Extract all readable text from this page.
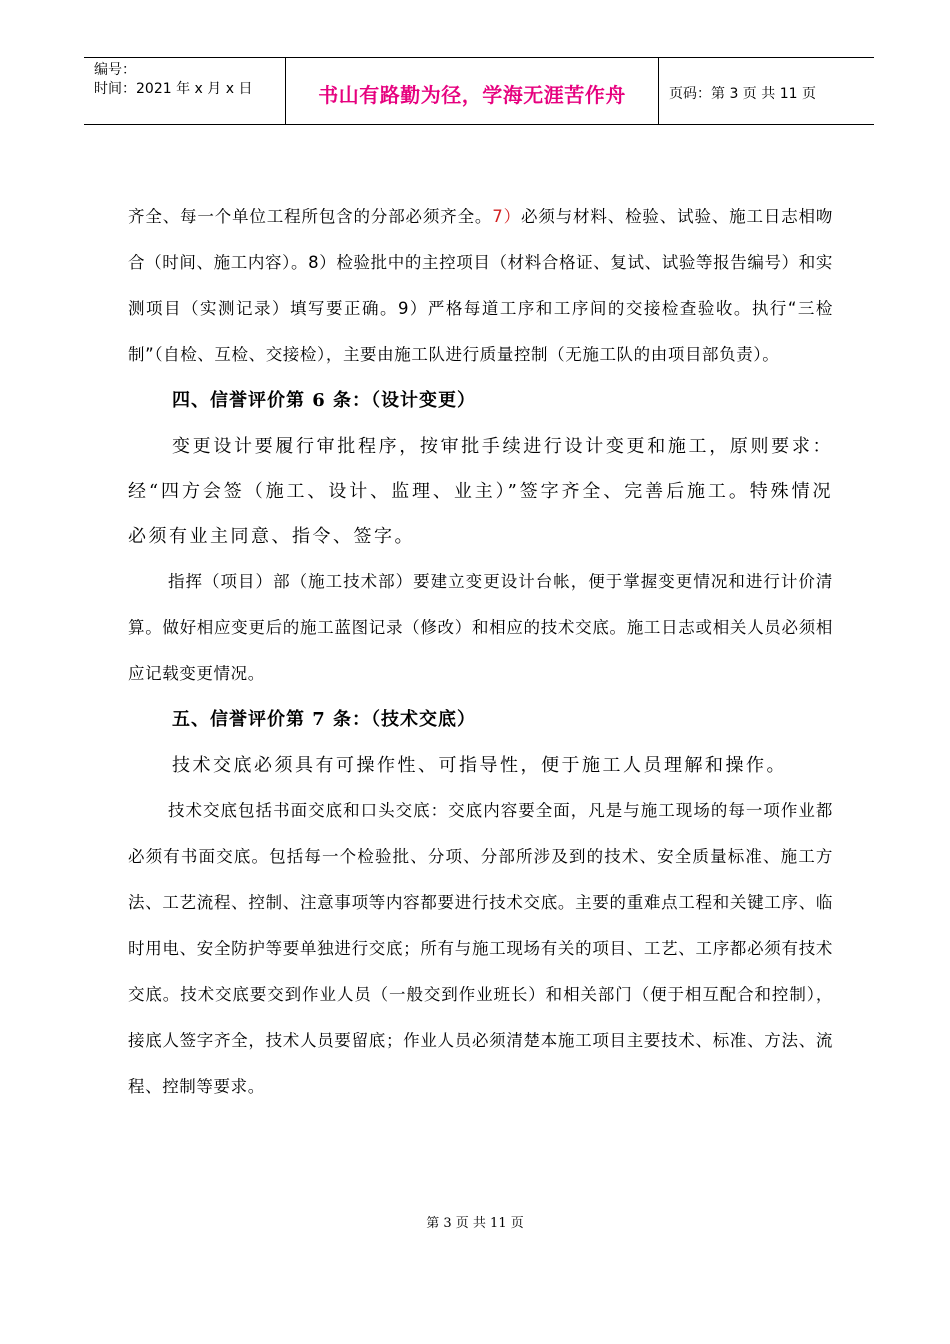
编号：
时间：2021 年 x 月 x 日	书山有路勤为径，学海无涯苦作舟	页码：第 3 页 共 11 页

齐全、每一个单位工程所包含的分部必须齐全。7）必须与材料、检验、试验、施工日志相吻合（时间、施工内容）。8）检验批中的主控项目（材料合格证、复试、试验等报告编号）和实测项目（实测记录）填写要正确。9）严格每道工序和工序间的交接检查验收。执行“三检制”（自检、互检、交接检），主要由施工队进行质量控制（无施工队的由项目部负责）。

四、信誉评价第 6 条：（设计变更）

变更设计要履行审批程序，按审批手续进行设计变更和施工，原则要求：经“四方会签（施工、设计、监理、业主）”签字齐全、完善后施工。特殊情况必须有业主同意、指令、签字。

指挥（项目）部（施工技术部）要建立变更设计台帐，便于掌握变更情况和进行计价清算。做好相应变更后的施工蓝图记录（修改）和相应的技术交底。施工日志或相关人员必须相应记载变更情况。

五、信誉评价第 7 条：（技术交底）

技术交底必须具有可操作性、可指导性，便于施工人员理解和操作。

技术交底包括书面交底和口头交底：交底内容要全面，凡是与施工现场的每一项作业都必须有书面交底。包括每一个检验批、分项、分部所涉及到的技术、安全质量标准、施工方法、工艺流程、控制、注意事项等内容都要进行技术交底。主要的重难点工程和关键工序、临时用电、安全防护等要单独进行交底；所有与施工现场有关的项目、工艺、工序都必须有技术交底。技术交底要交到作业人员（一般交到作业班长）和相关部门（便于相互配合和控制），接底人签字齐全，技术人员要留底；作业人员必须清楚本施工项目主要技术、标准、方法、流程、控制等要求。

第 3 页 共 11 页
